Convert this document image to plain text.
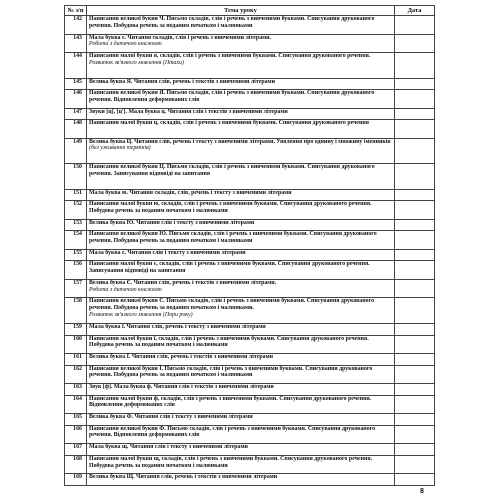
№ з/п	Тема уроку	Дата
142	Написання великої букви Ч. Письмо складів, слів і речень з вивченими буквами. Списування друкованого речення. Побудова речень за поданим початком і малюнками	
143	Мала буква є. Читання складів, слів і речень з вивченими літерами.
Робота з дитячою книжкою	

144	Написання малої букви я, складів, слів і речень з вивченими буквами. Списування друкованого речення.
Розвиток зв'язного мовлення (Птахи)	

145	Велика буква Я. Читання слів, речень і текстів з вивченими літерами	
146	Написання великої букви Я. Письмо складів, слів і речень з вивченими буквами. Списування друкованого речення. Відновлення деформованих слів	
147	Звуки [ц], [ц']. Мала буква ц. Читання слів і текстів з вивченими літерами	
148	Написання малої букви ц, складів, слів і речень з вивченими буквами. Списування друкованого речення	
149	Велика буква Ц. Читання слів, речень і тексту з вивченими літерами. Уявлення про однину і множину іменників
(без уживання термінів)	

150	Написання великої букви Ц. Письмо складів, слів і речень з вивченими буквами. Списування друкованого речення. Записування відповіді на запитання	
151	Мала буква ю. Читання складів, слів, речень і тексту з вивченими літерами	
152	Написання малої букви ю, складів, слів і речень з вивченими буквами. Списування друкованого речення. Побудова речень за поданим початком і малюнками	
153	Велика буква Ю. Читання слів і тексту з вивченими літерами	
154	Написання великої букви Ю. Письмо складів, слів і речень з вивченими буквами. Списування друкованого речення. Побудова речень за поданим початком і малюнками	
155	Мала буква є. Читання слів і тексту з вивченими літерами	
156	Написання малої букви є, складів, слів і речень з вивченими буквами. Списування друкованого речення. Записування відповіді на запитання	
157	Велика буква Є. Читання слів, речень і текстів з вивченими літерами.
Робота з дитячою книжкою	

158	Написання великої букви Є. Письмо складів, слів і речень з вивченими буквами. Списування друкованого речення. Побудова речень за поданим початком і малюнками.
Розвиток зв'язного мовлення (Пори року)	

159	Мала буква ї. Читання слів, речень і тексту з вивченими літерами	
160	Написання малої букви ї, складів, слів і речень з вивченими буквами. Списування друкованого речення. Побудова речень за поданим початком і малюнками	
161	Велика буква Ї. Читання слів, речень і текстів з вивченими літерами	
162	Написання великої букви Ї. Письмо складів, слів і речень з вивченими буквами. Списування друкованого речення. Побудова речень за поданим початком і малюнками	
163	Звук [ф]. Мала буква ф. Читання слів і текстів з вивченими літерами	
164	Написання малої букви ф, складів, слів і речень з вивченими буквами. Списування друкованого речення. Відновлення деформованих слів	
165	Велика буква Ф. Читання слів і тексту з вивченими літерами	
166	Написання великої букви Ф. Письмо складів, слів і речень з вивченими буквами. Списування друкованого речення. Відновлення деформованих слів	
167	Мала буква щ. Читання слів і тексту з вивченими літерами	
168	Написання малої букви щ, складів, слів і речень з вивченими буквами. Списування друкованого речення. Побудова речень за поданим початком і малюнками	
169	Велика буква Щ. Читання слів, речень і текстів з вивченими літерами	
8
